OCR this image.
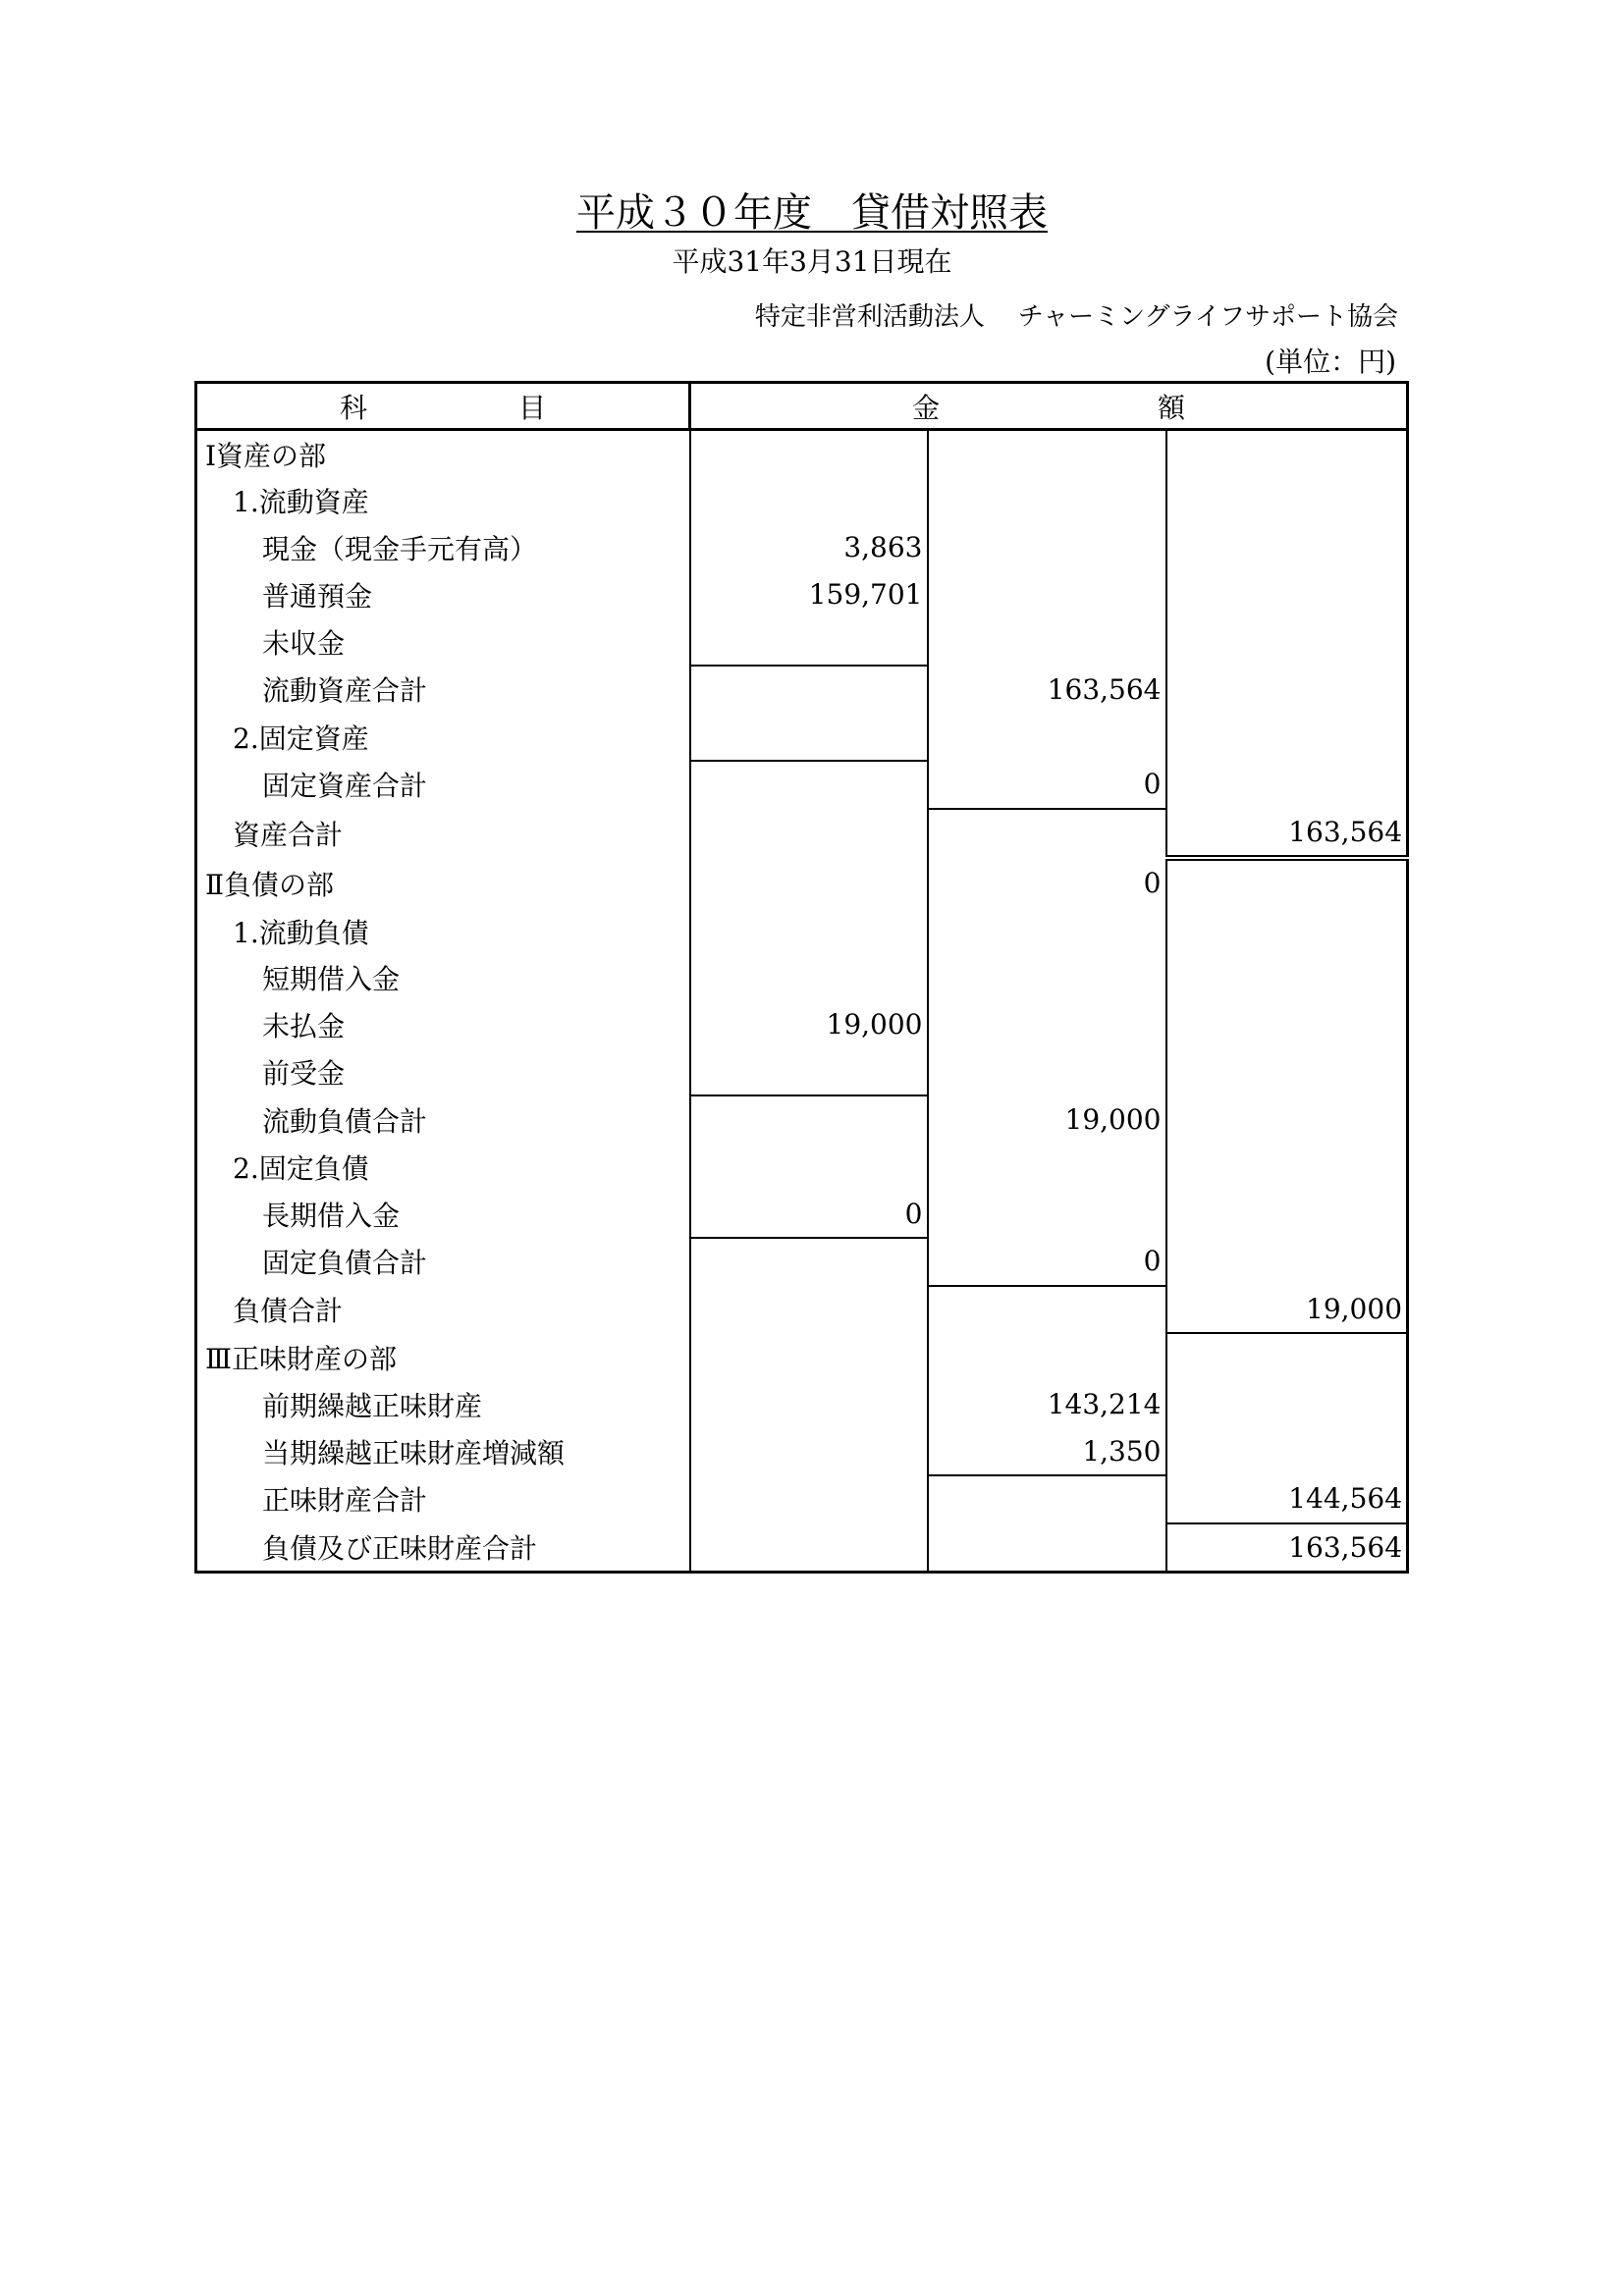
平成３０年度　貸借対照表
平成31年3月31日現在
特定非営利活動法人 チャーミングライフサポート協会
(単位：円)
科 目	金 額		

Ⅰ資産の部			
1.流動資産			
現金（現金手元有高）	3,863		
普通預金	159,701		
未収金			
流動資産合計		163,564	
2.固定資産			
固定資産合計		0	
資産合計			163,564
Ⅱ負債の部		0	
1.流動負債			
短期借入金			
未払金	19,000		
前受金			
流動負債合計		19,000	
2.固定負債			
長期借入金	0		
固定負債合計		0	
負債合計			19,000
Ⅲ正味財産の部			
前期繰越正味財産		143,214	
当期繰越正味財産増減額		1,350	
正味財産合計			144,564
負債及び正味財産合計			163,564
